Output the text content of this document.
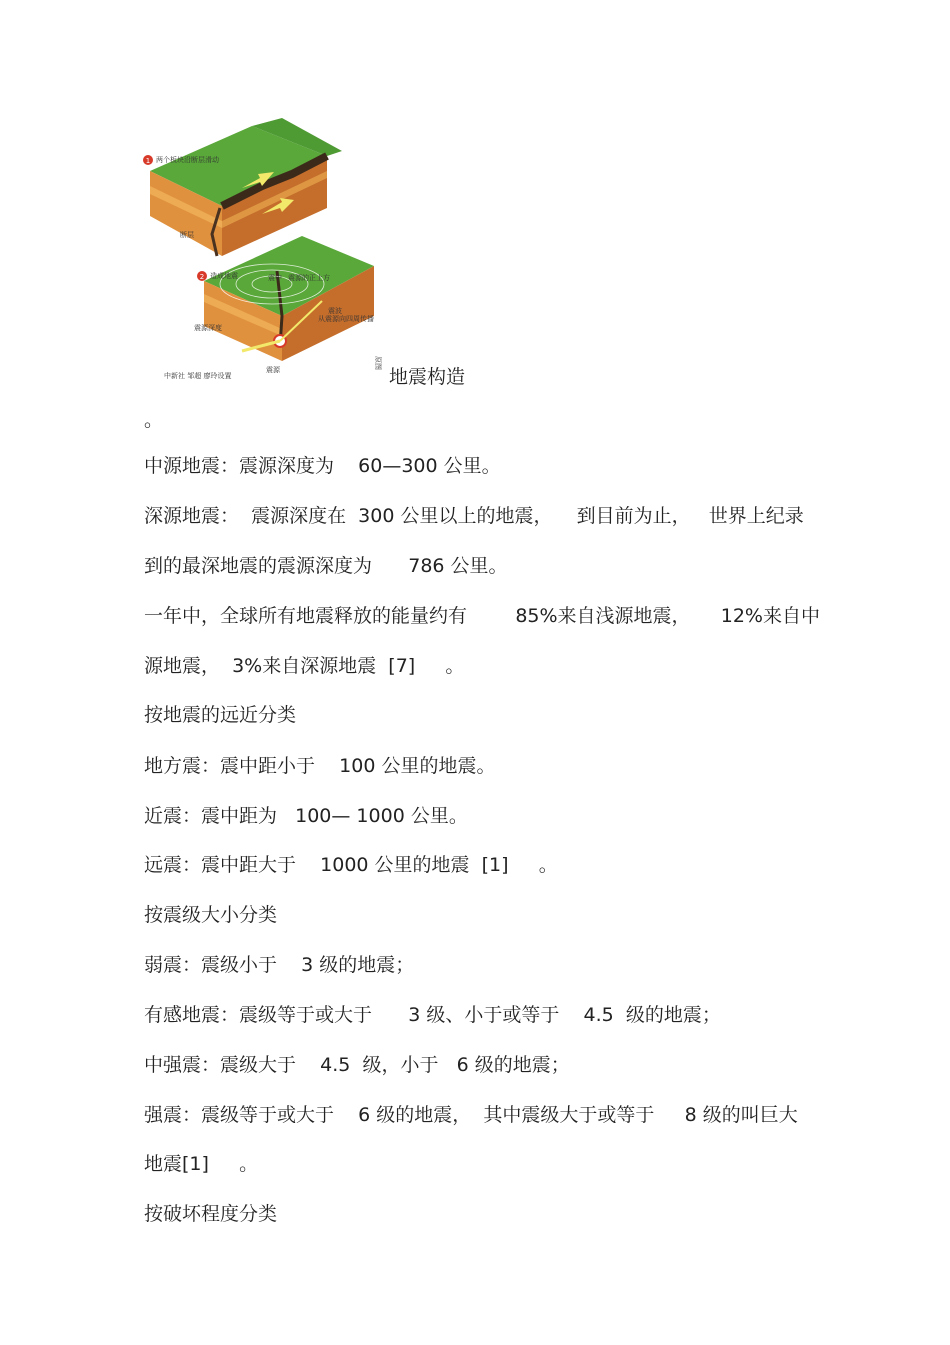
1 两个板块沿断层滑动
断层
2 造成地震	震中 震源的正上方
震源深度
震波
从震源向四周传播
震源
中新社 邹超 廖玲设置
原图
地震构造
。
中源地震：震源深度为    60—300 公里。
深源地震：  震源深度在  300 公里以上的地震，    到目前为止，   世界上纪录
到的最深地震的震源深度为      786 公里。
一年中，全球所有地震释放的能量约有        85%来自浅源地震，     12%来自中
源地震，  3%来自深源地震  [7]     。
按地震的远近分类
地方震：震中距小于    100 公里的地震。
近震：震中距为   100— 1000 公里。
远震：震中距大于    1000 公里的地震  [1]     。
按震级大小分类
弱震：震级小于    3 级的地震；
有感地震：震级等于或大于      3 级、小于或等于    4.5  级的地震；
中强震：震级大于    4.5  级，小于   6 级的地震；
强震：震级等于或大于    6 级的地震，  其中震级大于或等于     8 级的叫巨大
地震[1]     。
按破坏程度分类
